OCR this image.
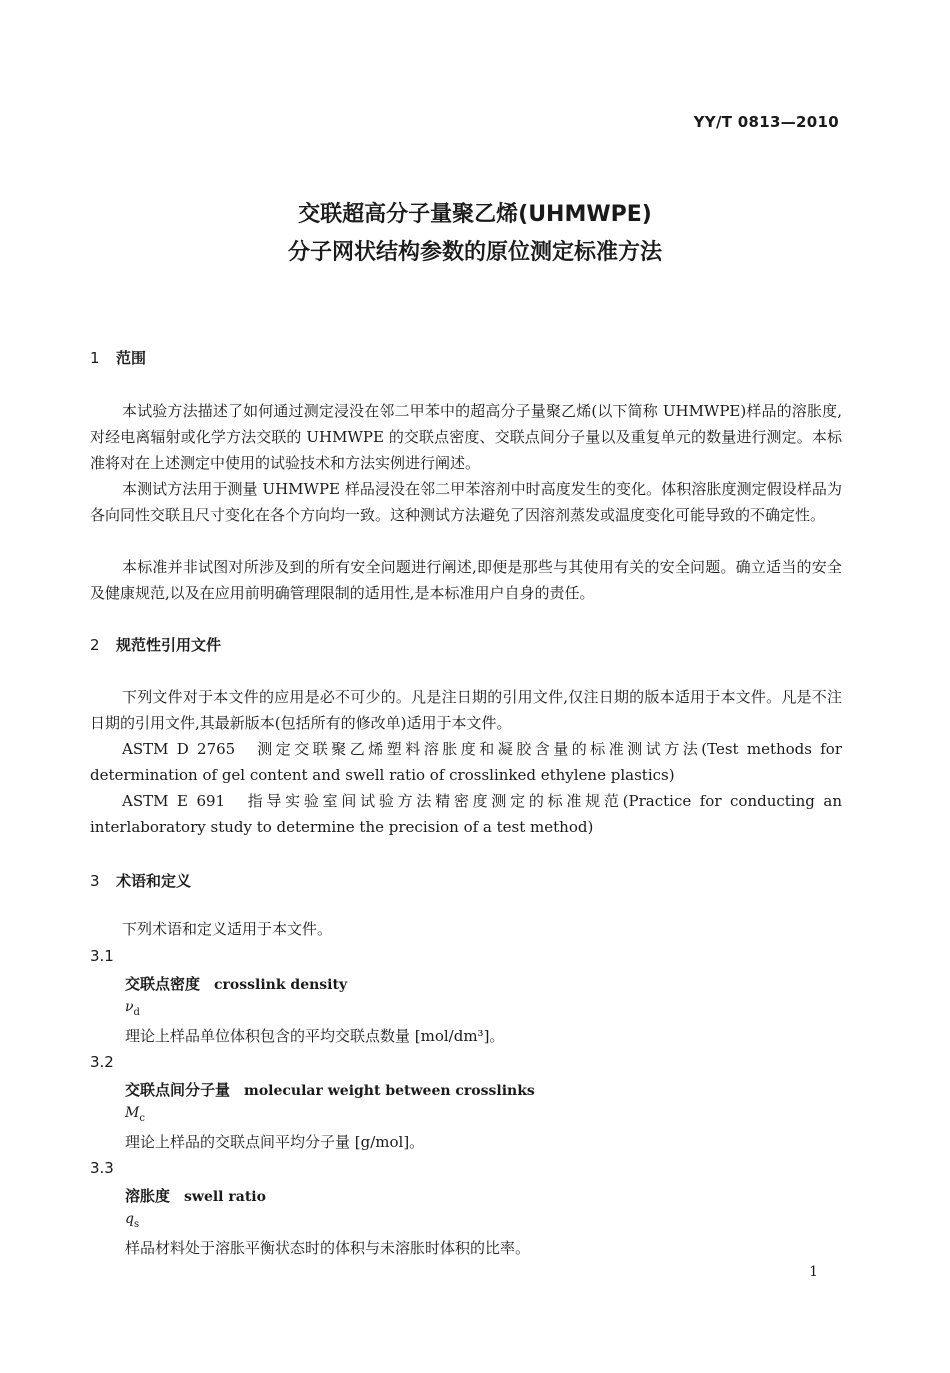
YY/T 0813—2010
交联超高分子量聚乙烯(UHMWPE)
分子网状结构参数的原位测定标准方法
1 范围

本试验方法描述了如何通过测定浸没在邻二甲苯中的超高分子量聚乙烯(以下简称 UHMWPE)样品的溶胀度,对经电离辐射或化学方法交联的 UHMWPE 的交联点密度、交联点间分子量以及重复单元的数量进行测定。本标准将对在上述测定中使用的试验技术和方法实例进行阐述。

本测试方法用于测量 UHMWPE 样品浸没在邻二甲苯溶剂中时高度发生的变化。体积溶胀度测定假设样品为各向同性交联且尺寸变化在各个方向均一致。这种测试方法避免了因溶剂蒸发或温度变化可能导致的不确定性。

本标准并非试图对所涉及到的所有安全问题进行阐述,即便是那些与其使用有关的安全问题。确立适当的安全及健康规范,以及在应用前明确管理限制的适用性,是本标准用户自身的责任。

2 规范性引用文件

下列文件对于本文件的应用是必不可少的。凡是注日期的引用文件,仅注日期的版本适用于本文件。凡是不注日期的引用文件,其最新版本(包括所有的修改单)适用于本文件。

ASTM D 2765　测定交联聚乙烯塑料溶胀度和凝胶含量的标准测试方法(Test methods for determination of gel content and swell ratio of crosslinked ethylene plastics)

ASTM E 691　指导实验室间试验方法精密度测定的标准规范(Practice for conducting an interlaboratory study to determine the precision of a test method)

3 术语和定义

下列术语和定义适用于本文件。

3.1
交联点密度 crosslink density
$\nu_d$
理论上样品单位体积包含的平均交联点数量 [mol/dm³]。
3.2
交联点间分子量 molecular weight between crosslinks
$M_c$
理论上样品的交联点间平均分子量 [g/mol]。
3.3
溶胀度 swell ratio
$q_s$
样品材料处于溶胀平衡状态时的体积与未溶胀时体积的比率。
1
